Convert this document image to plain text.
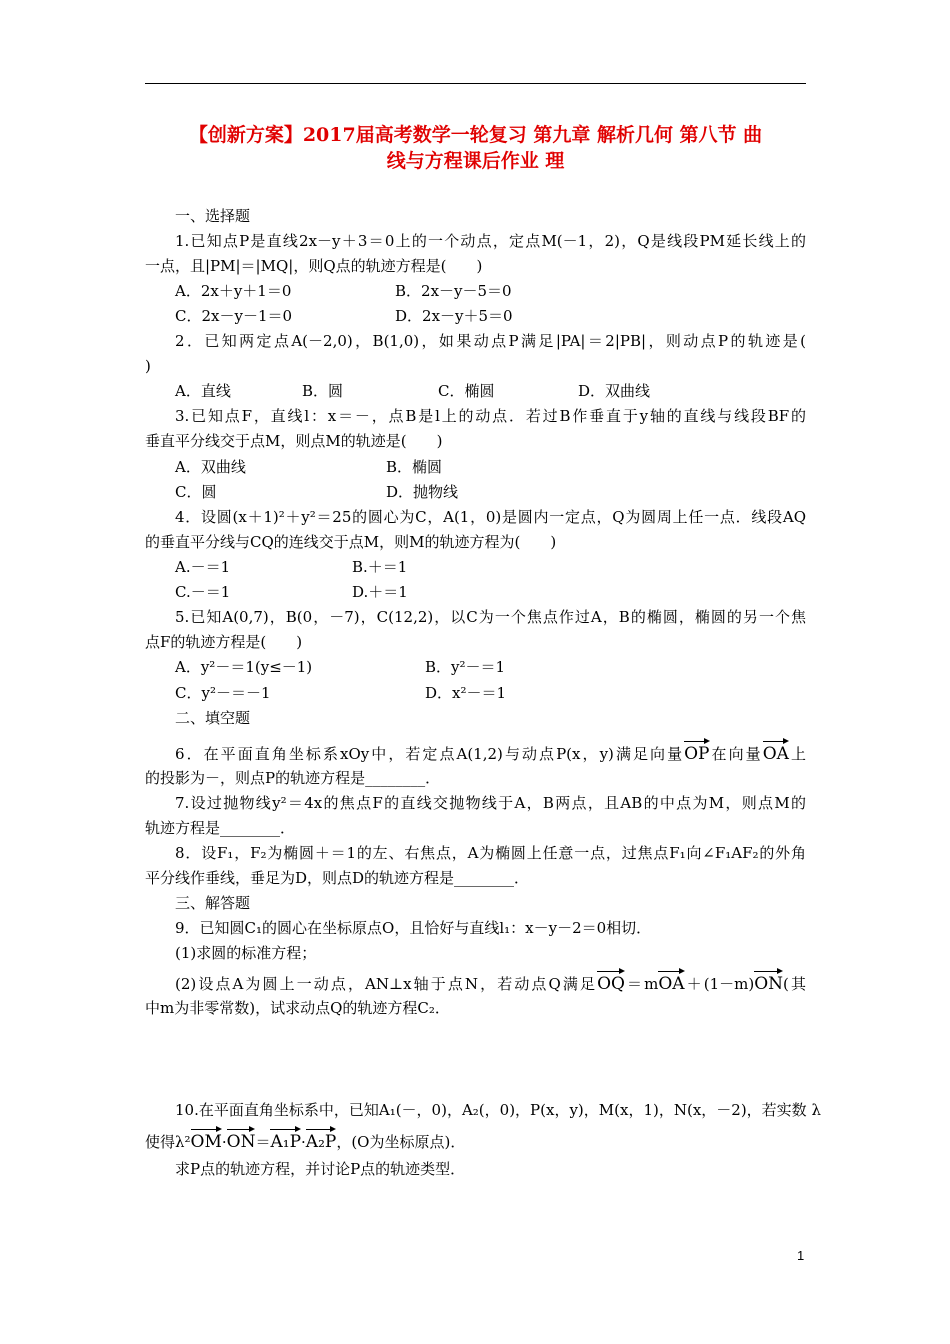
【创新方案】2017届高考数学一轮复习 第九章 解析几何 第八节 曲
线与方程课后作业 理
一、选择题
1.已知点P是直线2x－y＋3＝0上的一个动点，定点M(－1，2)，Q是线段PM延长线上的
一点，且|PM|＝|MQ|，则Q点的轨迹方程是(　　)
A．2x＋y＋1＝0	B．2x－y－5＝0
C．2x－y－1＝0	D．2x－y＋5＝0
2．已知两定点A(－2,0)，B(1,0)，如果动点P满足|PA|＝2|PB|，则动点P的轨迹是(
)
A．直线	B．圆	C．椭圆	D．双曲线
3.已知点F，直线l：x＝－，点B是l上的动点．若过B作垂直于y轴的直线与线段BF的
垂直平分线交于点M，则点M的轨迹是(　　)
A．双曲线	B．椭圆
C．圆	D．抛物线
4．设圆(x＋1)²＋y²＝25的圆心为C，A(1，0)是圆内一定点，Q为圆周上任一点．线段AQ
的垂直平分线与CQ的连线交于点M，则M的轨迹方程为(　　)
A.－＝1	B.＋＝1
C.－＝1	D.＋＝1
5.已知A(0,7)，B(0，－7)，C(12,2)，以C为一个焦点作过A，B的椭圆，椭圆的另一个焦
点F的轨迹方程是(　　)
A．y²－＝1(y≤－1)	B．y²－＝1
C．y²－＝－1	D．x²－＝1
二、填空题
6．在平面直角坐标系xOy中，若定点A(1,2)与动点P(x，y)满足向量OP在向量OA上
的投影为－，则点P的轨迹方程是________．
7.设过抛物线y²＝4x的焦点F的直线交抛物线于A，B两点，且AB的中点为M，则点M的
轨迹方程是________．
8．设F₁，F₂为椭圆＋＝1的左、右焦点，A为椭圆上任意一点，过焦点F₁向∠F₁AF₂的外角
平分线作垂线，垂足为D，则点D的轨迹方程是________．
三、解答题
9．已知圆C₁的圆心在坐标原点O，且恰好与直线l₁：x－y－2＝0相切．
(1)求圆的标准方程；
(2)设点A为圆上一动点，AN⊥x轴于点N，若动点Q满足OQ＝mOA＋(1－m)ON(其
中m为非零常数)，试求动点Q的轨迹方程C₂．
10.在平面直角坐标系中，已知A₁(－，0)，A₂(，0)，P(x，y)，M(x，1)，N(x，－2)，若实数 λ
使得λ²OM·ON＝A₁P·A₂P，(O为坐标原点)．
求P点的轨迹方程，并讨论P点的轨迹类型．
1
